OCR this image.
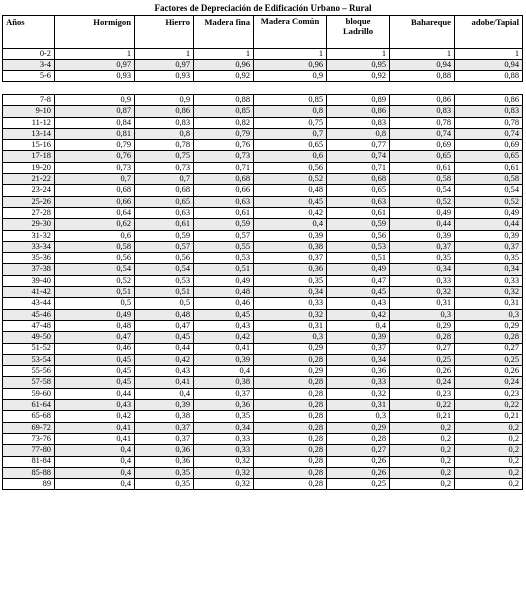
Factores de Depreciación de Edificación Urbano – Rural
Años	Hormigon	Hierro	Madera fina	Madera Común	bloque Ladrillo	Bahareque	adobe/Tapial
0-2	1	1	1	1	1	1	1
3-4	0,97	0,97	0,96	0,96	0,95	0,94	0,94
5-6	0,93	0,93	0,92	0,9	0,92	0,88	0,88
7-8	0,9	0,9	0,88	0,85	0,89	0,86	0,86
9-10	0,87	0,86	0,85	0,8	0,86	0,83	0,83
11-12	0,84	0,83	0,82	0,75	0,83	0,78	0,78
13-14	0,81	0,8	0,79	0,7	0,8	0,74	0,74
15-16	0,79	0,78	0,76	0,65	0,77	0,69	0,69
17-18	0,76	0,75	0,73	0,6	0,74	0,65	0,65
19-20	0,73	0,73	0,71	0,56	0,71	0,61	0,61
21-22	0,7	0,7	0,68	0,52	0,68	0,58	0,58
23-24	0,68	0,68	0,66	0,48	0,65	0,54	0,54
25-26	0,66	0,65	0,63	0,45	0,63	0,52	0,52
27-28	0,64	0,63	0,61	0,42	0,61	0,49	0,49
29-30	0,62	0,61	0,59	0,4	0,59	0,44	0,44
31-32	0,6	0,59	0,57	0,39	0,56	0,39	0,39
33-34	0,58	0,57	0,55	0,38	0,53	0,37	0,37
35-36	0,56	0,56	0,53	0,37	0,51	0,35	0,35
37-38	0,54	0,54	0,51	0,36	0,49	0,34	0,34
39-40	0,52	0,53	0,49	0,35	0,47	0,33	0,33
41-42	0,51	0,51	0,48	0,34	0,45	0,32	0,32
43-44	0,5	0,5	0,46	0,33	0,43	0,31	0,31
45-46	0,49	0,48	0,45	0,32	0,42	0,3	0,3
47-48	0,48	0,47	0,43	0,31	0,4	0,29	0,29
49-50	0,47	0,45	0,42	0,3	0,39	0,28	0,28
51-52	0,46	0,44	0,41	0,29	0,37	0,27	0,27
53-54	0,45	0,42	0,39	0,28	0,34	0,25	0,25
55-56	0,45	0,43	0,4	0,29	0,36	0,26	0,26
57-58	0,45	0,41	0,38	0,28	0,33	0,24	0,24
59-60	0,44	0,4	0,37	0,28	0,32	0,23	0,23
61-64	0,43	0,39	0,36	0,28	0,31	0,22	0,22
65-68	0,42	0,38	0,35	0,28	0,3	0,21	0,21
69-72	0,41	0,37	0,34	0,28	0,29	0,2	0,2
73-76	0,41	0,37	0,33	0,28	0,28	0,2	0,2
77-80	0,4	0,36	0,33	0,28	0,27	0,2	0,2
81-84	0,4	0,36	0,32	0,28	0,26	0,2	0,2
85-88	0,4	0,35	0,32	0,28	0,26	0,2	0,2
89	0,4	0,35	0,32	0,28	0,25	0,2	0,2
